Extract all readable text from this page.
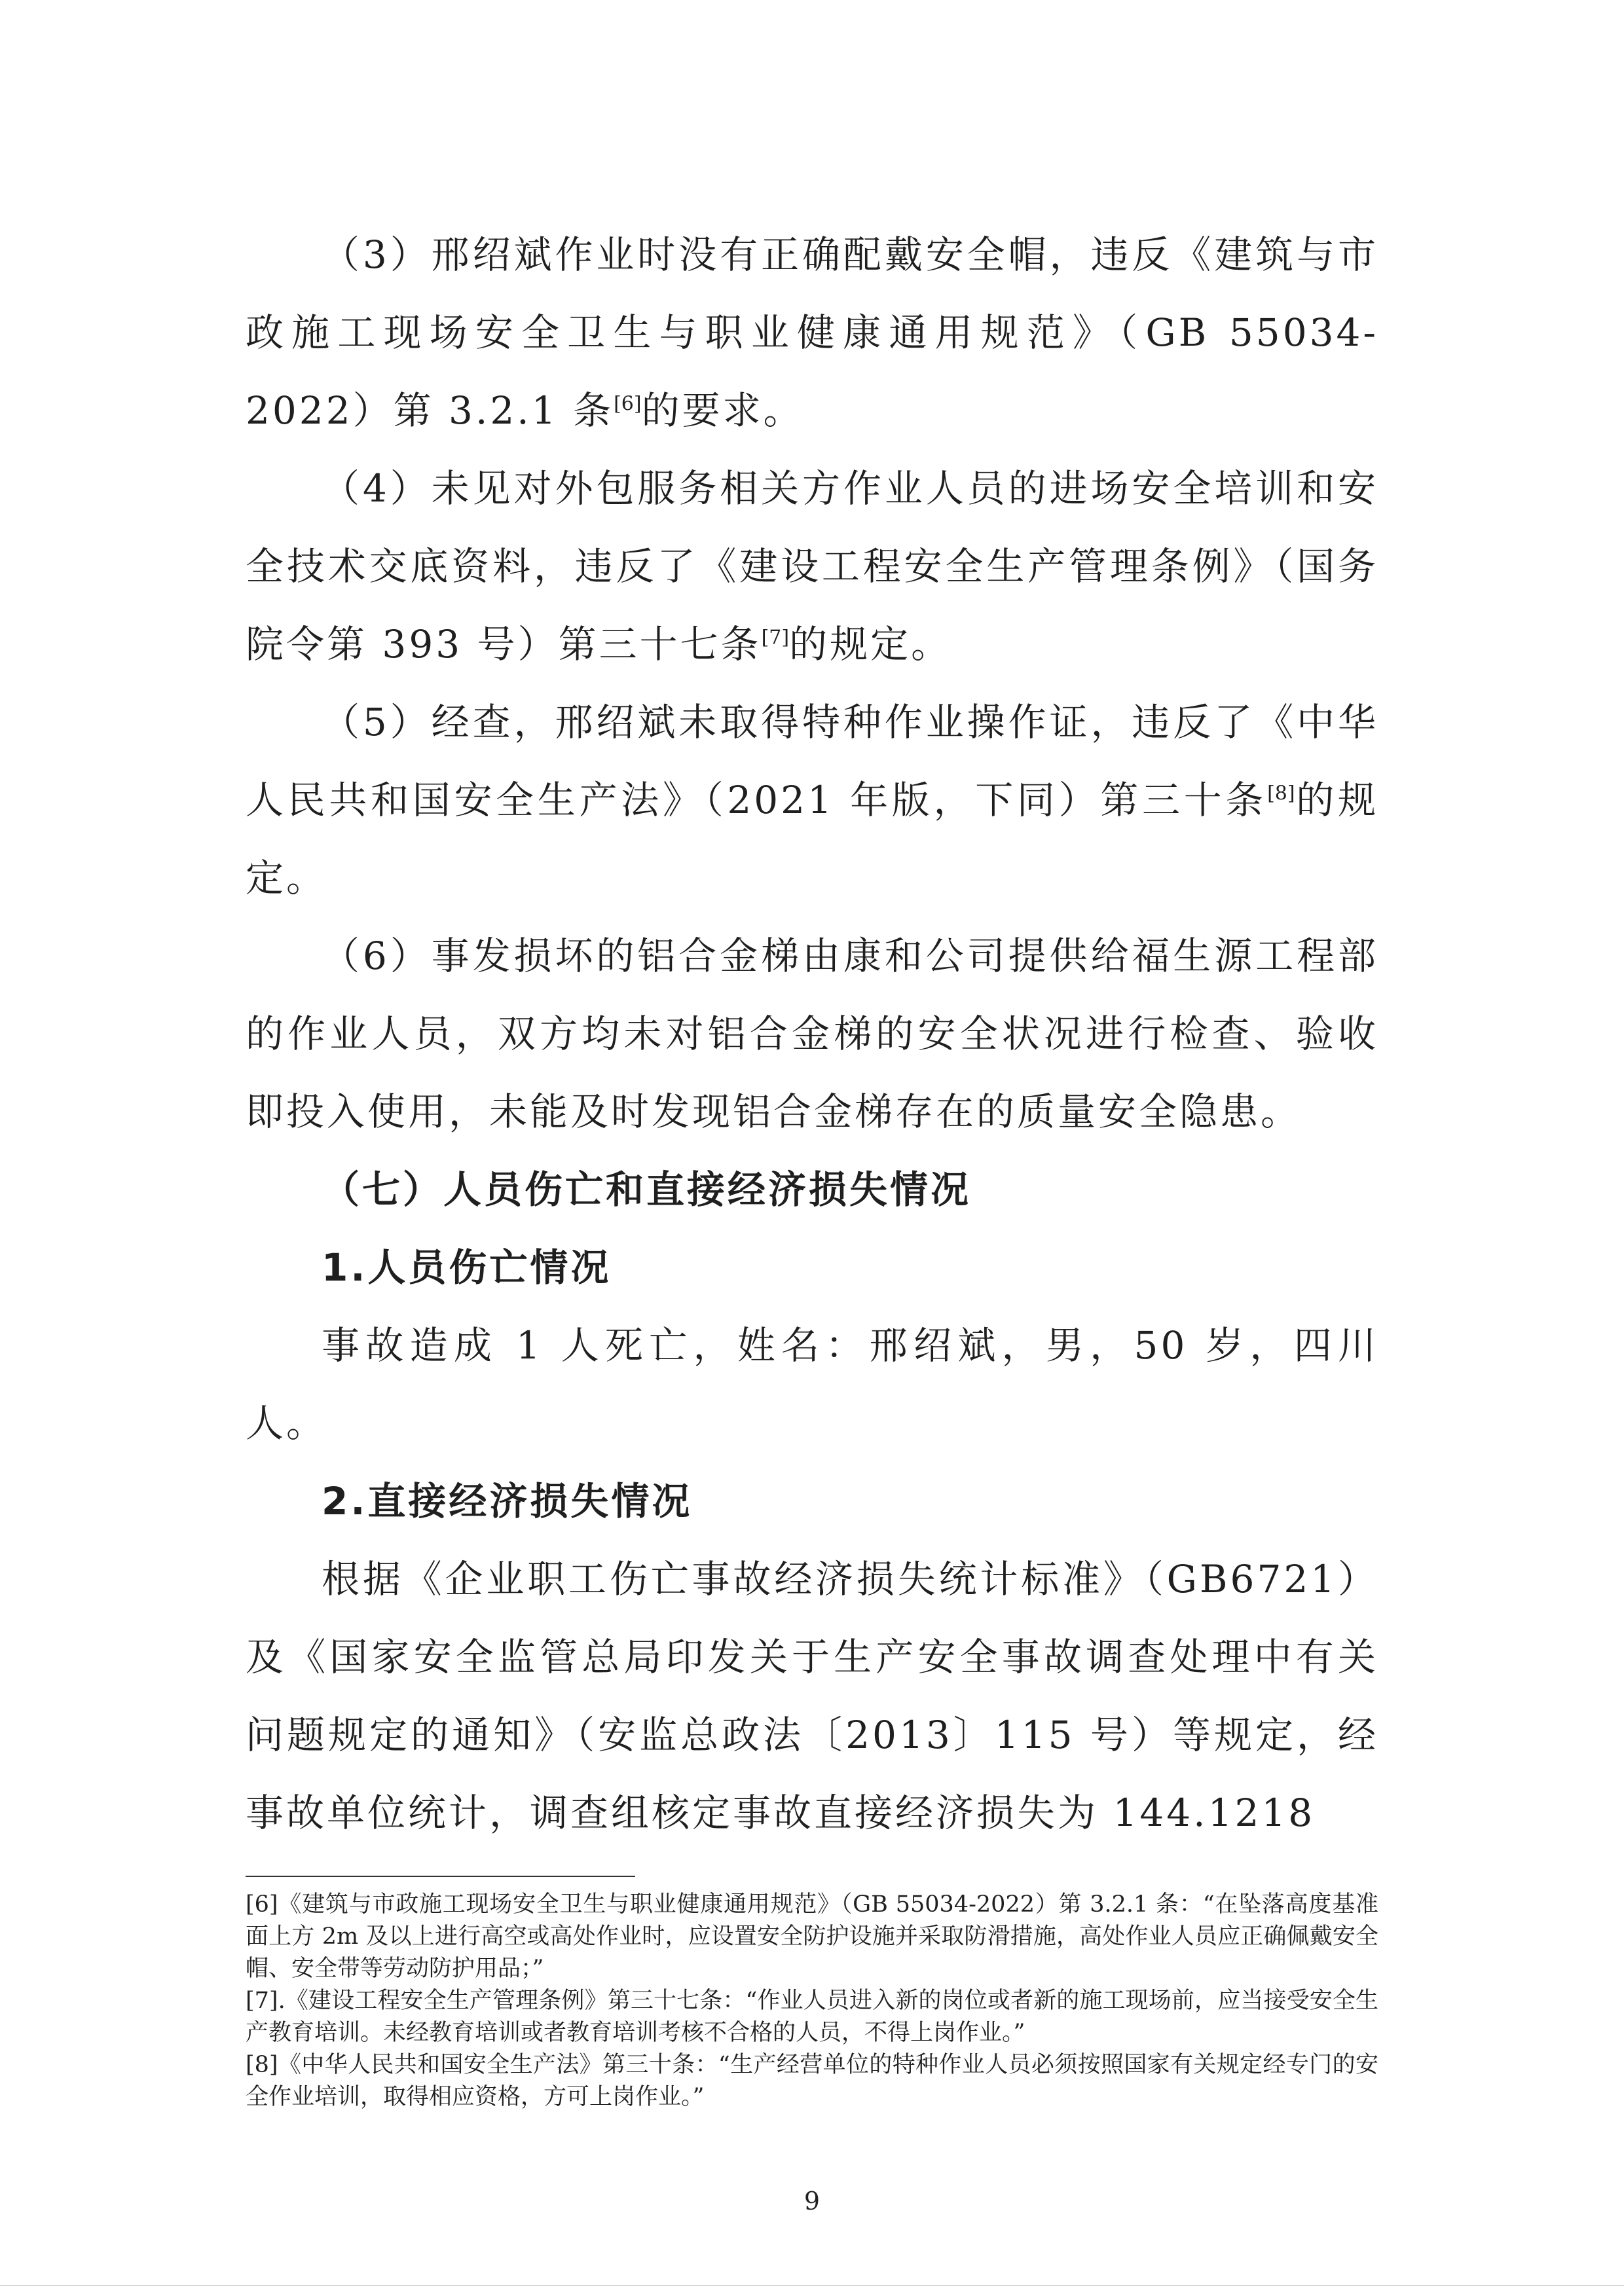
（3）邢绍斌作业时没有正确配戴安全帽，违反《建筑与市政施工现场安全卫生与职业健康通用规范》（GB 55034-2022）第 3.2.1 条[6]的要求。

（4）未见对外包服务相关方作业人员的进场安全培训和安全技术交底资料，违反了《建设工程安全生产管理条例》（国务院令第 393 号）第三十七条[7]的规定。

（5）经查，邢绍斌未取得特种作业操作证，违反了《中华人民共和国安全生产法》（2021 年版，下同）第三十条[8]的规定。

（6）事发损坏的铝合金梯由康和公司提供给福生源工程部的作业人员，双方均未对铝合金梯的安全状况进行检查、验收即投入使用，未能及时发现铝合金梯存在的质量安全隐患。

（七）人员伤亡和直接经济损失情况

1.人员伤亡情况

事故造成 1 人死亡，姓名：邢绍斌，男，50 岁，四川人。

2.直接经济损失情况

根据《企业职工伤亡事故经济损失统计标准》（GB6721）及《国家安全监管总局印发关于生产安全事故调查处理中有关问题规定的通知》（安监总政法〔2013〕115 号）等规定，经事故单位统计，调查组核定事故直接经济损失为 144.1218

[6]《建筑与市政施工现场安全卫生与职业健康通用规范》（GB 55034-2022）第 3.2.1 条：“在坠落高度基准面上方 2m 及以上进行高空或高处作业时，应设置安全防护设施并采取防滑措施，高处作业人员应正确佩戴安全帽、安全带等劳动防护用品；”

[7].《建设工程安全生产管理条例》第三十七条：“作业人员进入新的岗位或者新的施工现场前，应当接受安全生产教育培训。未经教育培训或者教育培训考核不合格的人员，不得上岗作业。”

[8]《中华人民共和国安全生产法》第三十条：“生产经营单位的特种作业人员必须按照国家有关规定经专门的安全作业培训，取得相应资格，方可上岗作业。”

9
